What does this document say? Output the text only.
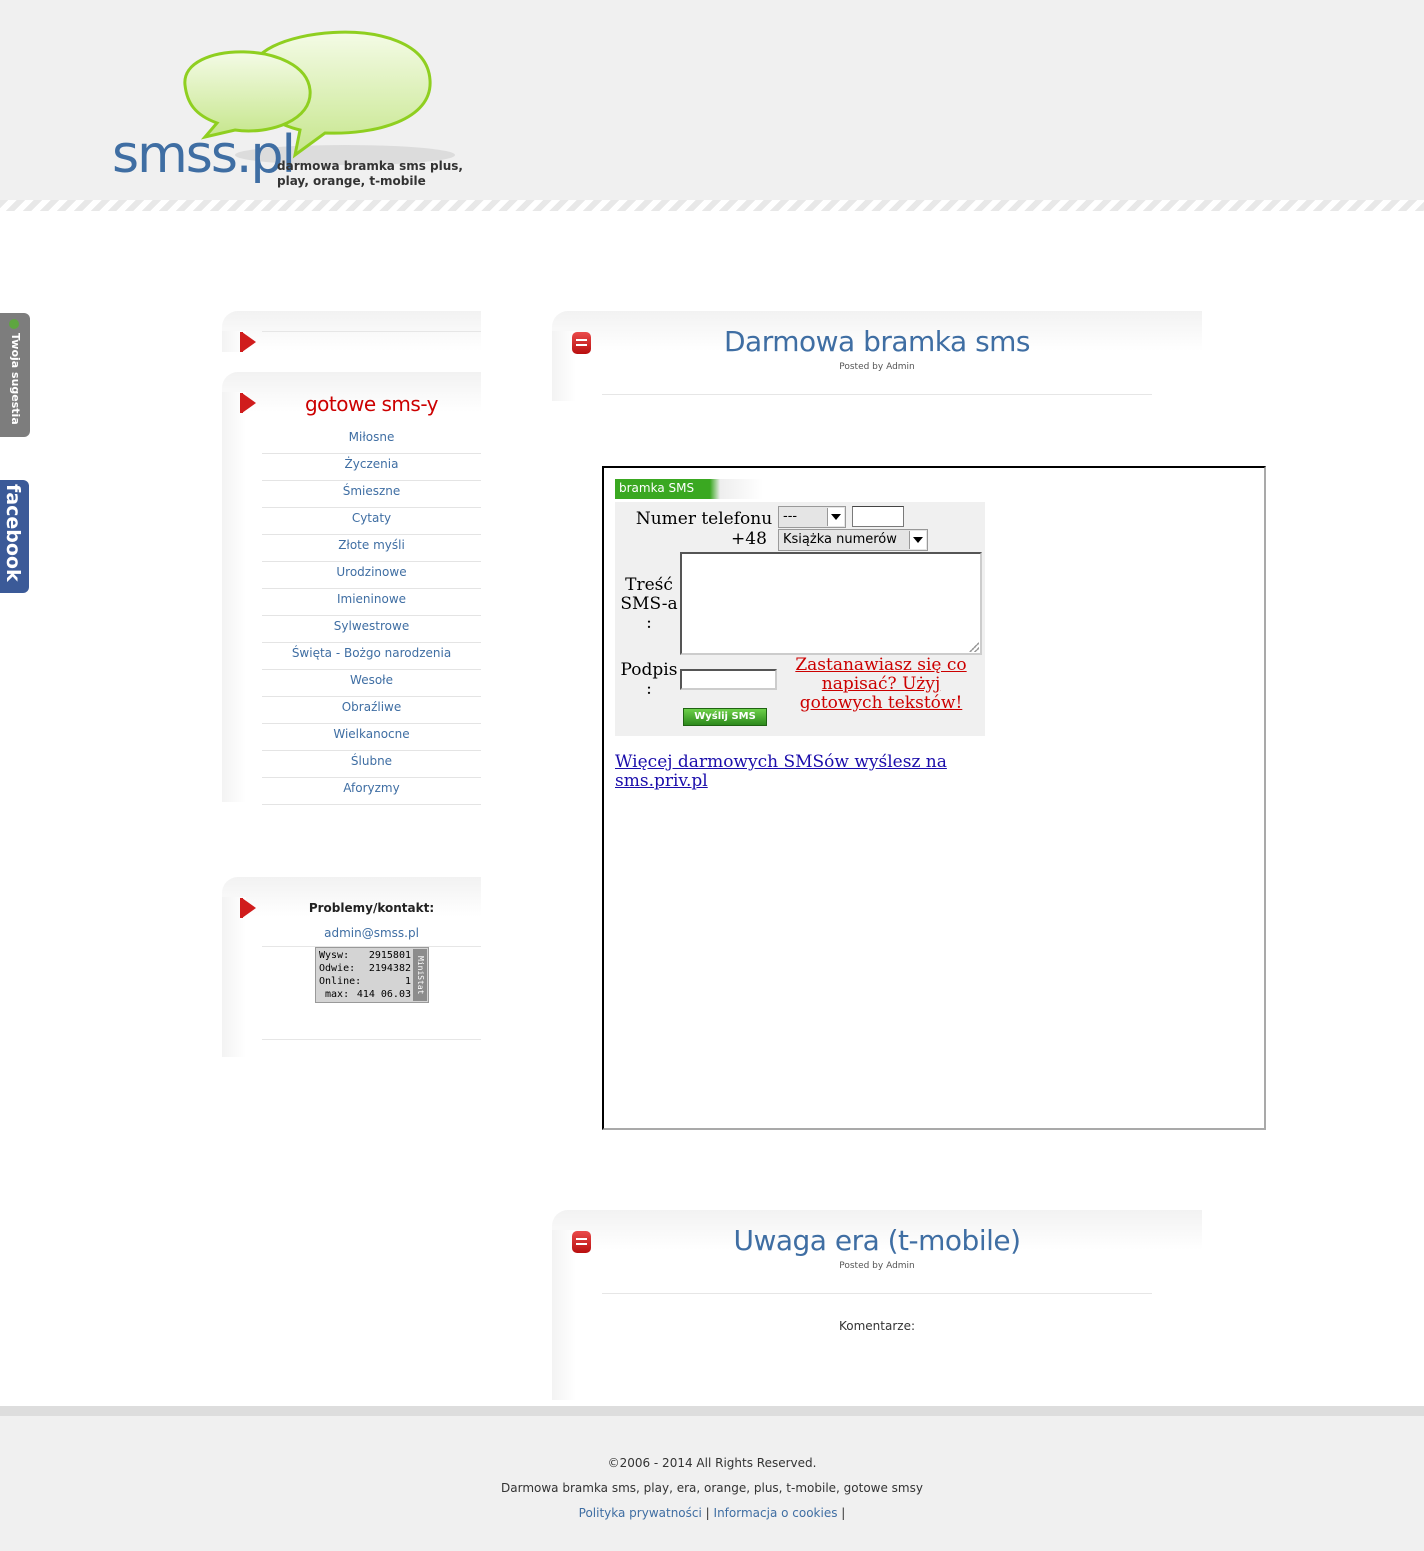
smss.pl
darmowa bramka sms plus, play, orange, t-mobile
Twoja sugestia
facebook
gotowe sms-y
Miłosne
Życzenia
Śmieszne
Cytaty
Złote myśli
Urodzinowe
Imieninowe
Sylwestrowe
Święta - Bożgo narodzenia
Wesołe
Obraźliwe
Wielkanocne
Ślubne
Aforyzmy
Problemy/kontakt:
admin@smss.pl
Wysw: 2915801
Odwie: 2194382
Online:	1
max: 414 06.03
MiniStat
Darmowa bramka sms
Posted by Admin
bramka SMS
Numer telefonu
+48
---
Książka numerów
Treść SMS-a :
Podpis :
Wyślij SMS
Zastanawiasz się co napisać? Użyj gotowych tekstów!
Więcej darmowych SMSów wyślesz na sms.priv.pl
Uwaga era (t-mobile)
Posted by Admin
Komentarze:
©2006 - 2014 All Rights Reserved.
Darmowa bramka sms, play, era, orange, plus, t-mobile, gotowe smsy
Polityka prywatności | Informacja o cookies |
